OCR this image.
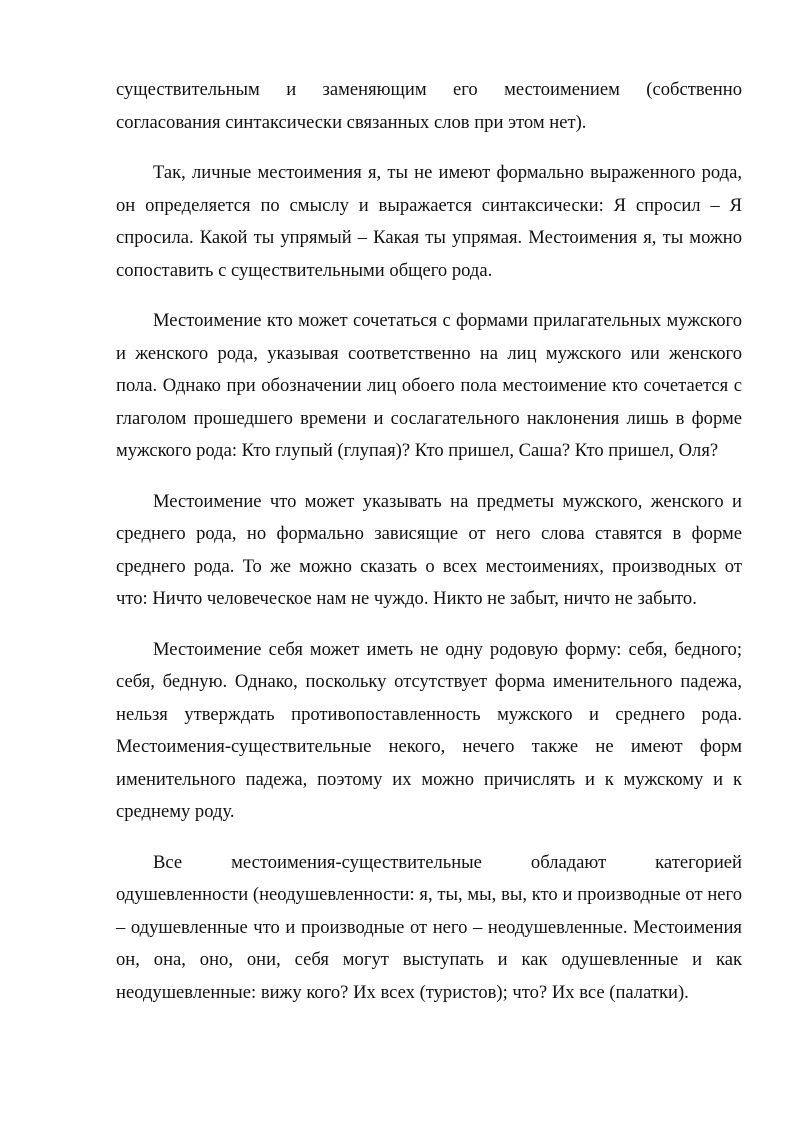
существительным и заменяющим его местоимением (собственно согласования синтаксически связанных слов при этом нет).

Так, личные местоимения я, ты не имеют формально выраженного рода, он определяется по смыслу и выражается синтаксически: Я спросил – Я спросила. Какой ты упрямый – Какая ты упрямая. Местоимения я, ты можно сопоставить с существительными общего рода.

Местоимение кто может сочетаться с формами прилагательных мужского и женского рода, указывая соответственно на лиц мужского или женского пола. Однако при обозначении лиц обоего пола местоимение кто сочетается с глаголом прошедшего времени и сослагательного наклонения лишь в форме мужского рода: Кто глупый (глупая)? Кто пришел, Саша? Кто пришел, Оля?

Местоимение что может указывать на предметы мужского, женского и среднего рода, но формально зависящие от него слова ставятся в форме среднего рода. То же можно сказать о всех местоимениях, производных от что: Ничто человеческое нам не чуждо. Никто не забыт, ничто не забыто.

Местоимение себя может иметь не одну родовую форму: себя, бедного; себя, бедную. Однако, поскольку отсутствует форма именительного падежа, нельзя утверждать противопоставленность мужского и среднего рода. Местоимения-существительные некого, нечего также не имеют форм именительного падежа, поэтому их можно причислять и к мужскому и к среднему роду.

Все местоимения-существительные обладают категорией одушевленности (неодушевленности: я, ты, мы, вы, кто и производные от него – одушевленные что и производные от него – неодушевленные. Местоимения он, она, оно, они, себя могут выступать и как одушевленные и как неодушевленные: вижу кого? Их всех (туристов); что? Их все (палатки).
